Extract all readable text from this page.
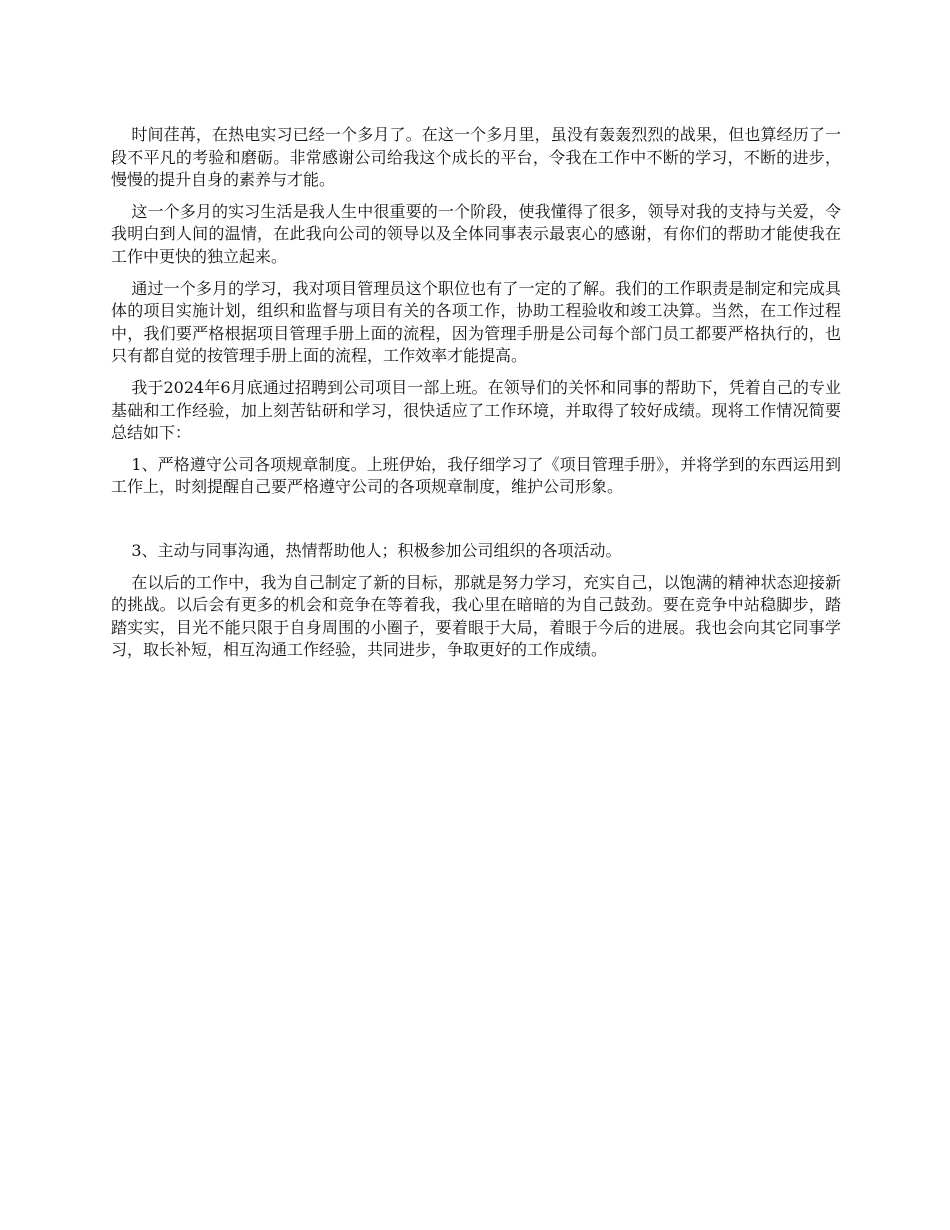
时间荏苒，在热电实习已经一个多月了。在这一个多月里，虽没有轰轰烈烈的战果，但也算经历了一段不平凡的考验和磨砺。非常感谢公司给我这个成长的平台，令我在工作中不断的学习，不断的进步，慢慢的提升自身的素养与才能。

这一个多月的实习生活是我人生中很重要的一个阶段，使我懂得了很多，领导对我的支持与关爱，令我明白到人间的温情，在此我向公司的领导以及全体同事表示最衷心的感谢，有你们的帮助才能使我在工作中更快的独立起来。

通过一个多月的学习，我对项目管理员这个职位也有了一定的了解。我们的工作职责是制定和完成具体的项目实施计划，组织和监督与项目有关的各项工作，协助工程验收和竣工决算。当然，在工作过程中，我们要严格根据项目管理手册上面的流程，因为管理手册是公司每个部门员工都要严格执行的，也只有都自觉的按管理手册上面的流程，工作效率才能提高。

我于2024年6月底通过招聘到公司项目一部上班。在领导们的关怀和同事的帮助下，凭着自己的专业基础和工作经验，加上刻苦钻研和学习，很快适应了工作环境，并取得了较好成绩。现将工作情况简要总结如下：

1、严格遵守公司各项规章制度。上班伊始，我仔细学习了《项目管理手册》，并将学到的东西运用到工作上，时刻提醒自己要严格遵守公司的各项规章制度，维护公司形象。

3、主动与同事沟通，热情帮助他人；积极参加公司组织的各项活动。

在以后的工作中，我为自己制定了新的目标，那就是努力学习，充实自己，以饱满的精神状态迎接新的挑战。以后会有更多的机会和竞争在等着我，我心里在暗暗的为自己鼓劲。要在竞争中站稳脚步，踏踏实实，目光不能只限于自身周围的小圈子，要着眼于大局，着眼于今后的进展。我也会向其它同事学习，取长补短，相互沟通工作经验，共同进步，争取更好的工作成绩。
